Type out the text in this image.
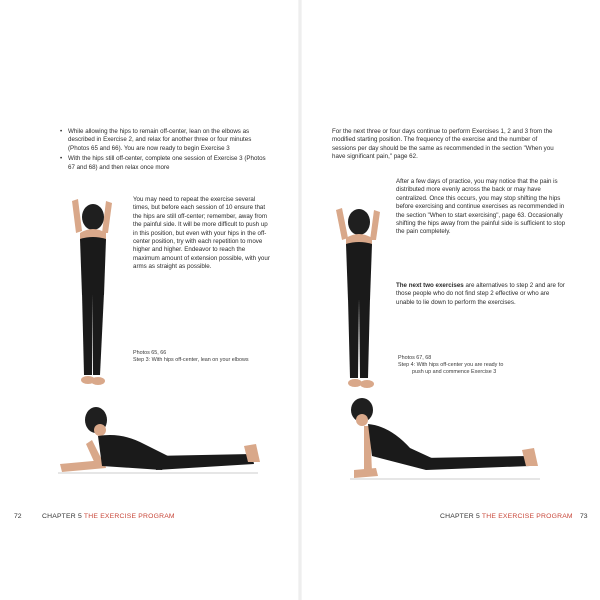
• While allowing the hips to remain off-center, lean on the elbows as described in Exercise 2, and relax for another three or four minutes (Photos 65 and 66). You are now ready to begin Exercise 3
• With the hips still off-center, complete one session of Exercise 3 (Photos 67 and 68) and then relax once more

You may need to repeat the exercise several times, but before each session of 10 ensure that the hips are still off-center; remember, away from the painful side. It will be more difficult to push up in this position, but even with your hips in the off-center position, try with each repetition to move higher and higher. Endeavor to reach the maximum amount of extension possible, with your arms as straight as possible.

Photos 65, 66
Step 3: With hips off-center, lean on your elbows
72	CHAPTER 5 THE EXERCISE PROGRAM

For the next three or four days continue to perform Exercises 1, 2 and 3 from the modified starting position. The frequency of the exercise and the number of sessions per day should be the same as recommended in the section "When you have significant pain," page 62.

After a few days of practice, you may notice that the pain is distributed more evenly across the back or may have centralized. Once this occurs, you may stop shifting the hips before exercising and continue exercises as recommended in the section "When to start exercising", page 63. Occasionally shifting the hips away from the painful side is sufficient to stop the pain completely.

The next two exercises are alternatives to step 2 and are for those people who do not find step 2 effective or who are unable to lie down to perform the exercises.

Photos 67, 68
Step 4: With hips off-center you are ready to
push up and commence Exercise 3
CHAPTER 5 THE EXERCISE PROGRAM 73
